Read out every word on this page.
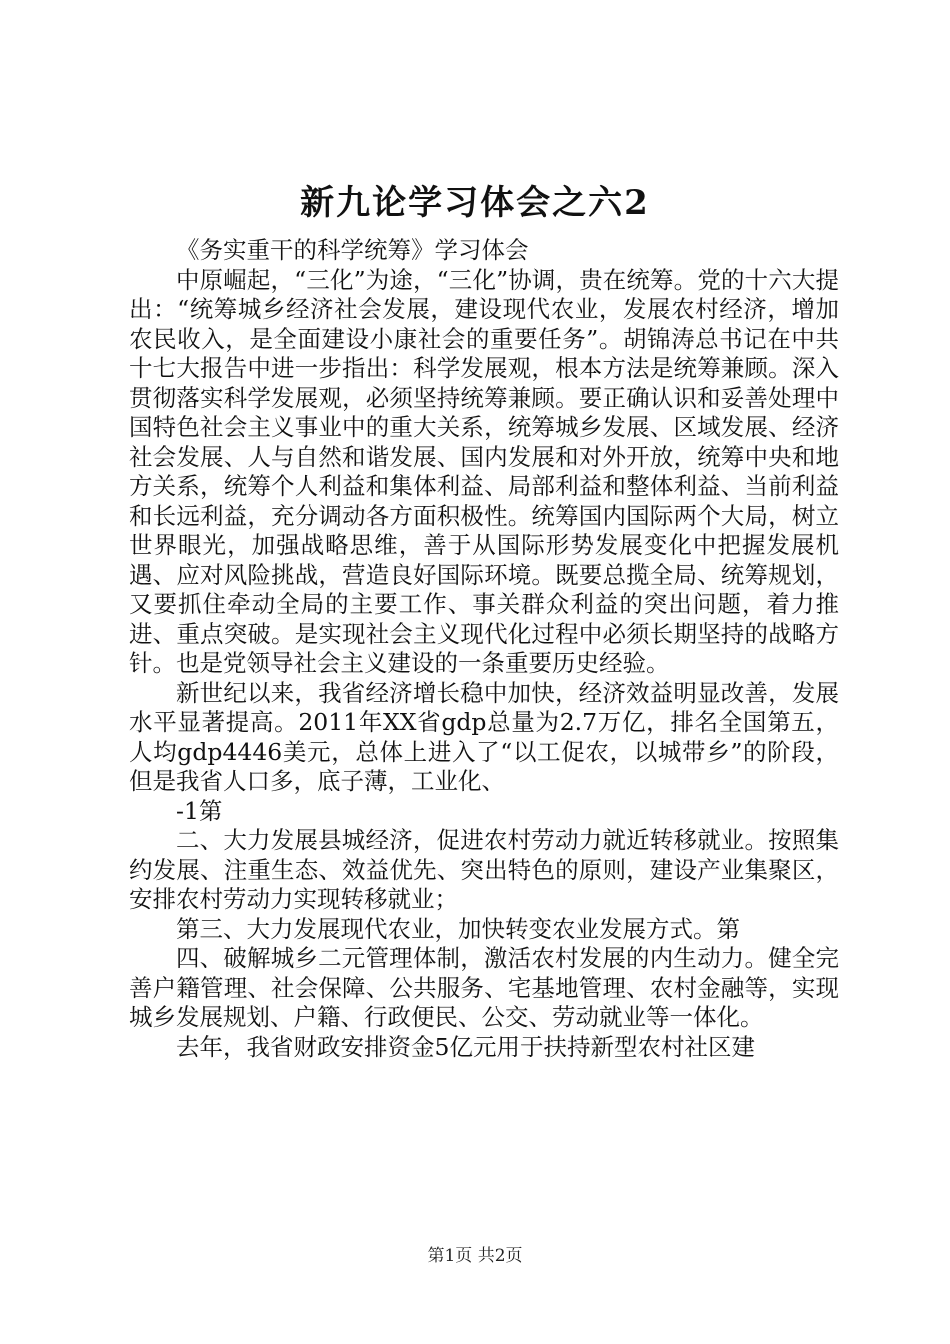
新九论学习体会之六2

《务实重干的科学统筹》学习体会

中原崛起，“三化”为途，“三化”协调，贵在统筹。党的十六大提出：“统筹城乡经济社会发展，建设现代农业，发展农村经济，增加农民收入，是全面建设小康社会的重要任务”。胡锦涛总书记在中共十七大报告中进一步指出：科学发展观，根本方法是统筹兼顾。深入贯彻落实科学发展观，必须坚持统筹兼顾。要正确认识和妥善处理中国特色社会主义事业中的重大关系，统筹城乡发展、区域发展、经济社会发展、人与自然和谐发展、国内发展和对外开放，统筹中央和地方关系，统筹个人利益和集体利益、局部利益和整体利益、当前利益和长远利益，充分调动各方面积极性。统筹国内国际两个大局，树立世界眼光，加强战略思维，善于从国际形势发展变化中把握发展机遇、应对风险挑战，营造良好国际环境。既要总揽全局、统筹规划，又要抓住牵动全局的主要工作、事关群众利益的突出问题，着力推进、重点突破。是实现社会主义现代化过程中必须长期坚持的战略方针。也是党领导社会主义建设的一条重要历史经验。

新世纪以来，我省经济增长稳中加快，经济效益明显改善，发展水平显著提高。2011年XX省gdp总量为2.7万亿，排名全国第五，人均gdp4446美元，总体上进入了“以工促农，以城带乡”的阶段，但是我省人口多，底子薄，工业化、

-1第

二、大力发展县城经济，促进农村劳动力就近转移就业。按照集约发展、注重生态、效益优先、突出特色的原则，建设产业集聚区，安排农村劳动力实现转移就业；

第三、大力发展现代农业，加快转变农业发展方式。第

四、破解城乡二元管理体制，激活农村发展的内生动力。健全完善户籍管理、社会保障、公共服务、宅基地管理、农村金融等，实现城乡发展规划、户籍、行政便民、公交、劳动就业等一体化。

去年，我省财政安排资金5亿元用于扶持新型农村社区建

第1页 共2页
